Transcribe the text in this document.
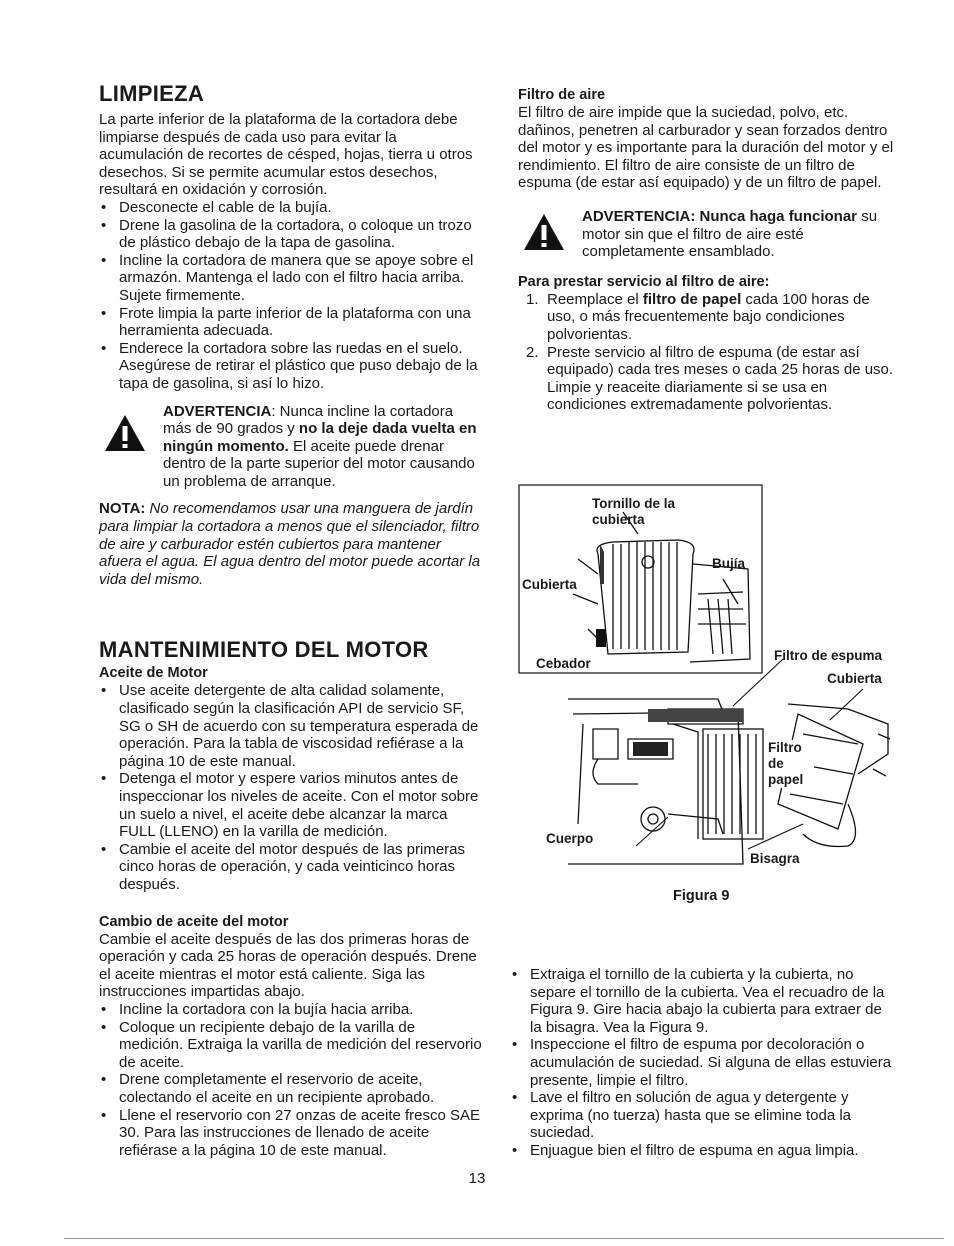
LIMPIEZA

La parte inferior de la plataforma de la cortadora debe limpiarse después de cada uso para evitar la acumulación de recortes de césped, hojas, tierra u otros desechos. Si se permite acumular estos desechos, resultará en oxidación y corrosión.

• Desconecte el cable de la bujía.
• Drene la gasolina de la cortadora, o coloque un trozo de plástico debajo de la tapa de gasolina.
• Incline la cortadora de manera que se apoye sobre el armazón. Mantenga el lado con el filtro hacia arriba. Sujete firmemente.
• Frote limpia la parte inferior de la plataforma con una herramienta adecuada.
• Enderece la cortadora sobre las ruedas en el suelo. Asegúrese de retirar el plástico que puso debajo de la tapa de gasolina, si así lo hizo.

ADVERTENCIA: Nunca incline la cortadora más de 90 grados y no la deje dada vuelta en ningún momento. El aceite puede drenar dentro de la parte superior del motor causando un problema de arranque.

NOTA: No recomendamos usar una manguera de jardín para limpiar la cortadora a menos que el silenciador, filtro de aire y carburador estén cubiertos para mantener afuera el agua. El agua dentro del motor puede acortar la vida del mismo.

MANTENIMIENTO DEL MOTOR
Aceite de Motor
• Use aceite detergente de alta calidad solamente, clasificado según la clasificación API de servicio SF, SG o SH de acuerdo con su temperatura esperada de operación. Para la tabla de viscosidad refiérase a la página 10 de este manual.
• Detenga el motor y espere varios minutos antes de inspeccionar los niveles de aceite. Con el motor sobre un suelo a nivel, el aceite debe alcanzar la marca FULL (LLENO) en la varilla de medición.
• Cambie el aceite del motor después de las primeras cinco horas de operación, y cada veinticinco horas después.
Cambio de aceite del motor

Cambie el aceite después de las dos primeras horas de operación y cada 25 horas de operación después. Drene el aceite mientras el motor está caliente. Siga las instrucciones impartidas abajo.

• Incline la cortadora con la bujía hacia arriba.
• Coloque un recipiente debajo de la varilla de medición. Extraiga la varilla de medición del reservorio de aceite.
• Drene completamente el reservorio de aceite, colectando el aceite en un recipiente aprobado.
• Llene el reservorio con 27 onzas de aceite fresco SAE 30. Para las instrucciones de llenado de aceite refiérase a la página 10 de este manual.
Filtro de aire

El filtro de aire impide que la suciedad, polvo, etc. dañinos, penetren al carburador y sean forzados dentro del motor y es importante para la duración del motor y el rendimiento. El filtro de aire consiste de un filtro de espuma (de estar así equipado) y de un filtro de papel.

ADVERTENCIA: Nunca haga funcionar su motor sin que el filtro de aire esté completamente ensamblado.

Para prestar servicio al filtro de aire:
1. Reemplace el filtro de papel cada 100 horas de uso, o más frecuentemente bajo condiciones polvorientas.
2. Preste servicio al filtro de espuma (de estar así equipado) cada tres meses o cada 25 horas de uso. Limpie y reaceite diariamente si se usa en condiciones extremadamente polvorientas.
Tornillo de la cubierta
Bujía
Cubierta
Cebador
Filtro de espuma
Cubierta
Filtro de papel
Cuerpo
Bisagra
Figura 9
• Extraiga el tornillo de la cubierta y la cubierta, no separe el tornillo de la cubierta. Vea el recuadro de la Figura 9. Gire hacia abajo la cubierta para extraer de la bisagra. Vea la Figura 9.
• Inspeccione el filtro de espuma por decoloración o acumulación de suciedad. Si alguna de ellas estuviera presente, limpie el filtro.
• Lave el filtro en solución de agua y detergente y exprima (no tuerza) hasta que se elimine toda la suciedad.
• Enjuague bien el filtro de espuma en agua limpia.
13
